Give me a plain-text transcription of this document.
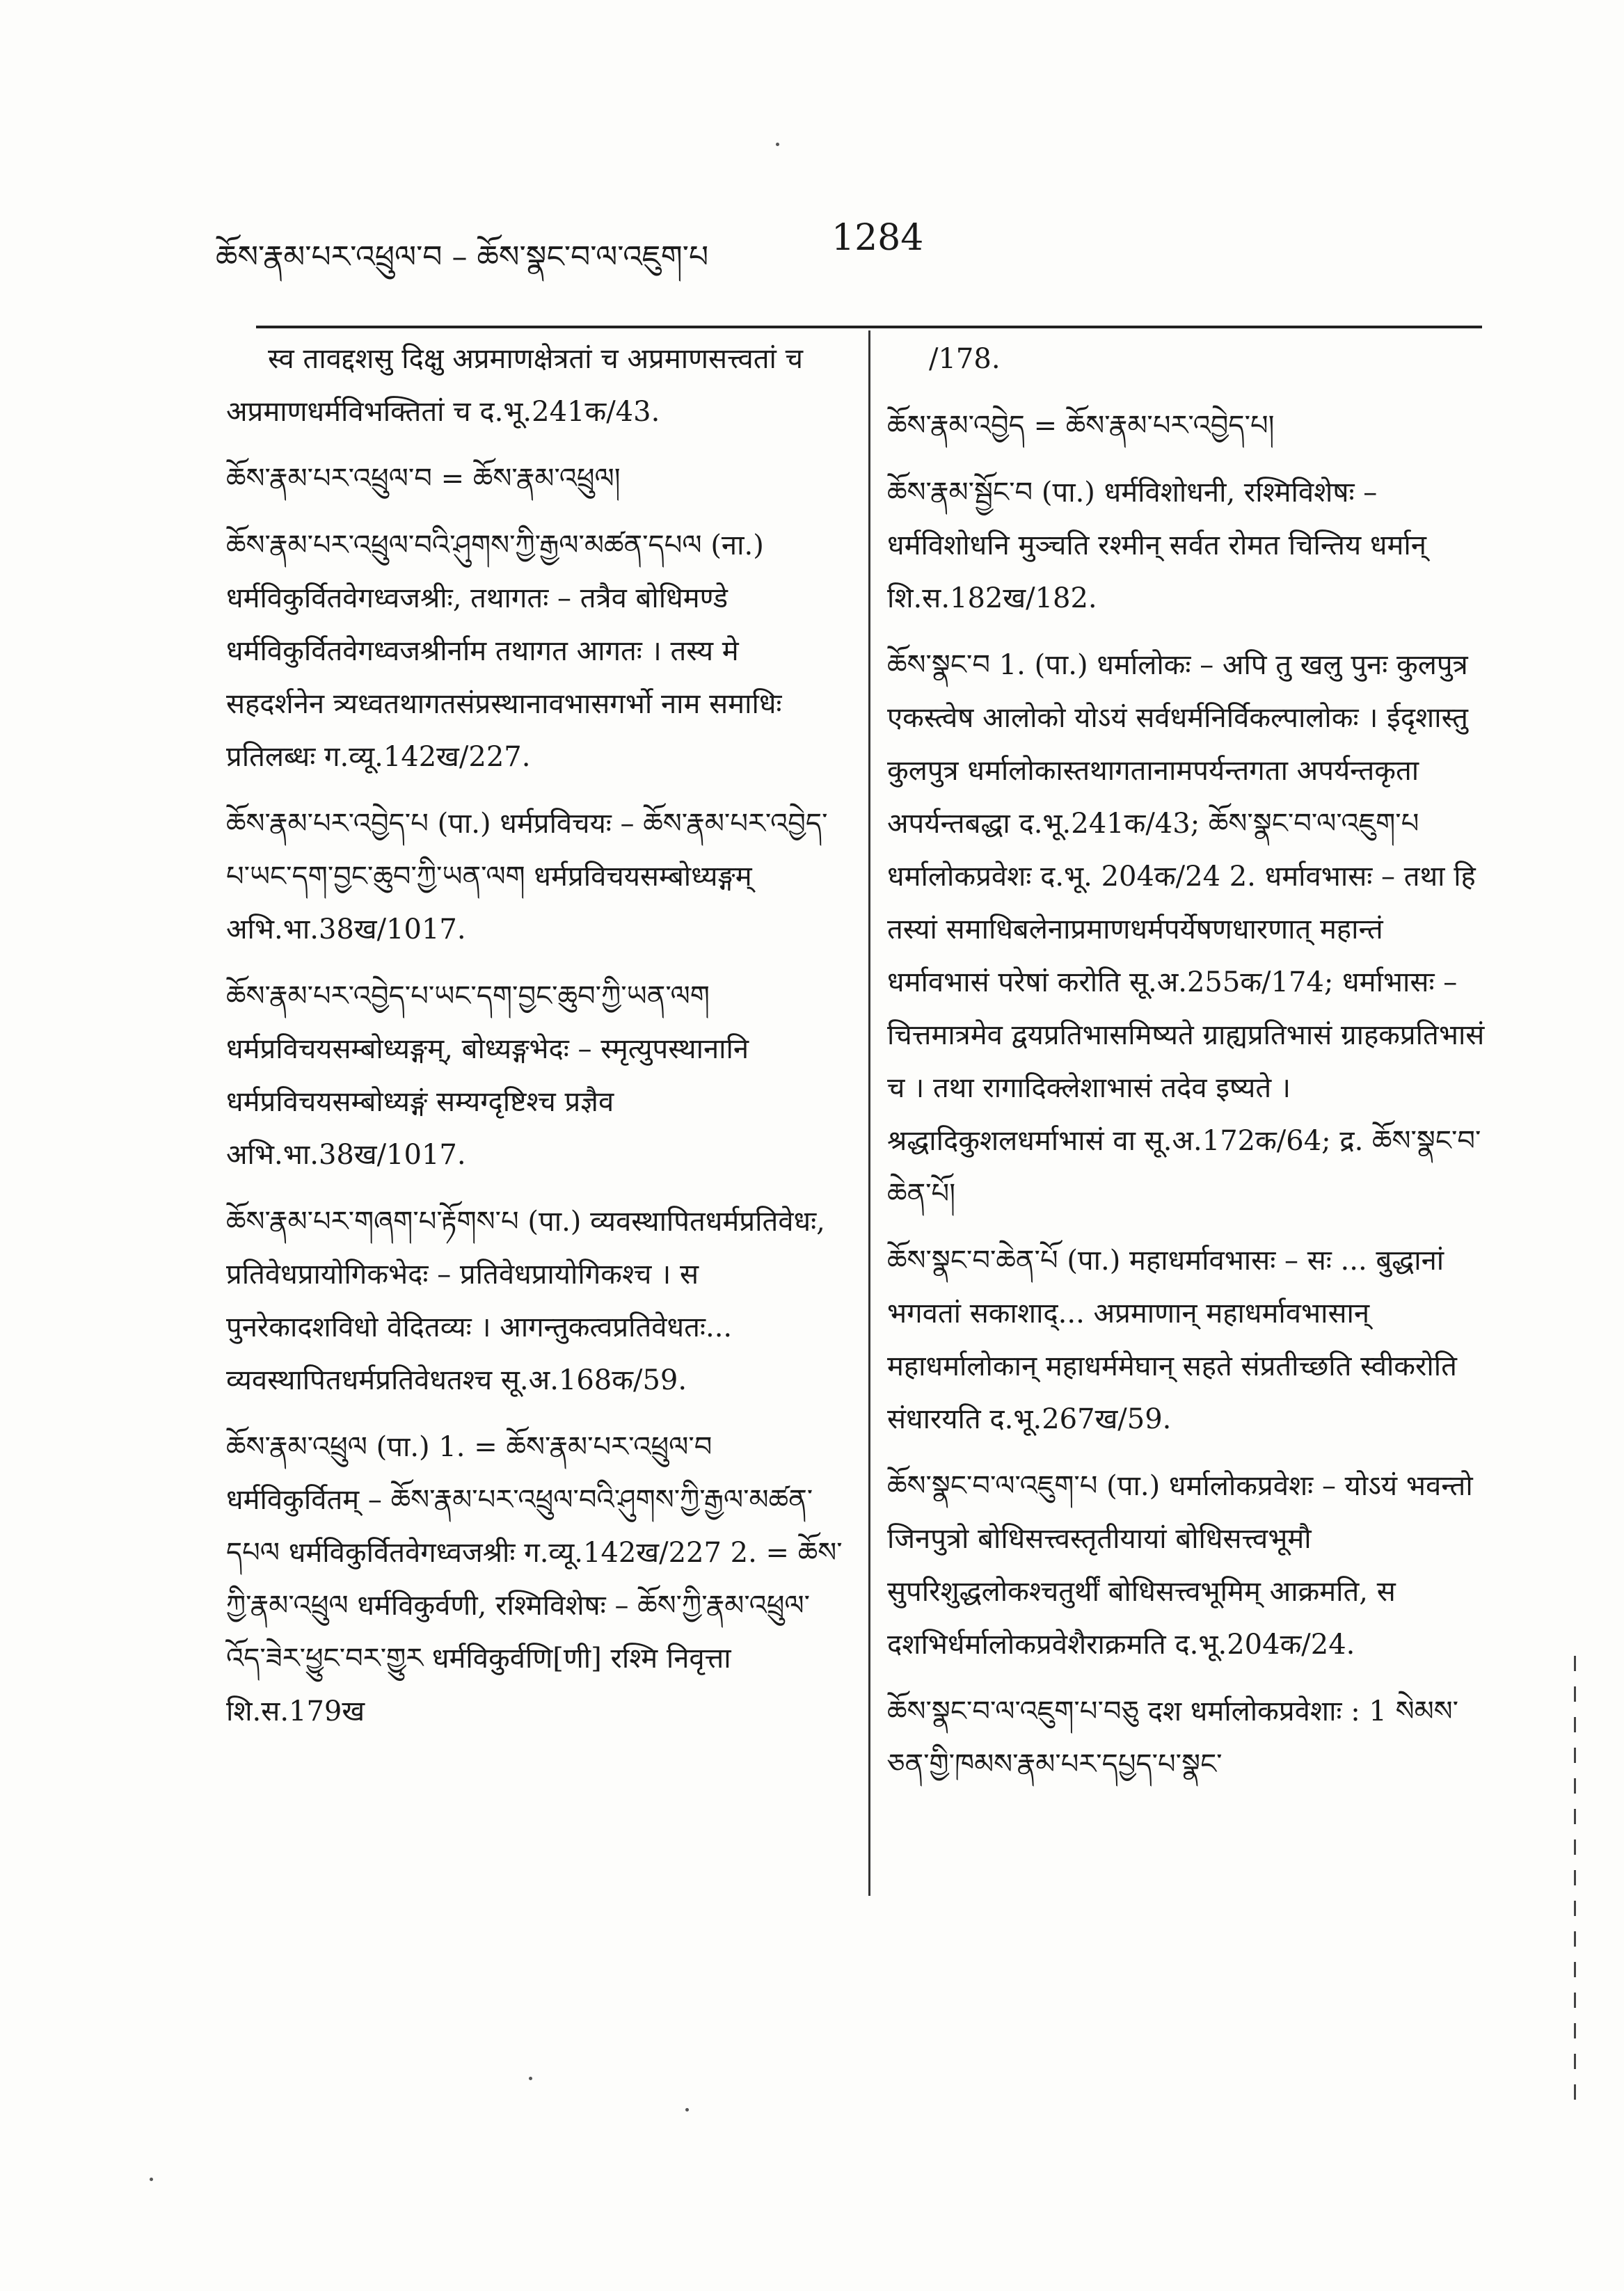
ཆོས་རྣམ་པར་འཕྲུལ་བ – ཆོས་སྣང་བ་ལ་འཇུག་པ	1284
स्व तावद्दशसु दिक्षु अप्रमाणक्षेत्रतां च अप्रमाणसत्त्वतां च अप्रमाणधर्मविभक्तितां च द.भू.241क/43.
ཆོས་རྣམ་པར་འཕྲུལ་བ = ཆོས་རྣམ་འཕྲུལ།
ཆོས་རྣམ་པར་འཕྲུལ་བའི་ཤུགས་ཀྱི་རྒྱལ་མཚན་དཔལ (ना.) धर्मविकुर्वितवेगध्वजश्रीः, तथागतः – तत्रैव बोधिमण्डे धर्मविकुर्वितवेगध्वजश्रीर्नाम तथागत आगतः । तस्य मे सहदर्शनेन त्र्यध्वतथागतसंप्रस्थानावभासगर्भो नाम समाधिः प्रतिलब्धः ग.व्यू.142ख/227.
ཆོས་རྣམ་པར་འབྱེད་པ (पा.) धर्मप्रविचयः – ཆོས་རྣམ་པར་འབྱེད་པ་ཡང་དག་བྱང་ཆུབ་ཀྱི་ཡན་ལག धर्मप्रविचयसम्बोध्यङ्गम् अभि.भा.38ख/1017.
ཆོས་རྣམ་པར་འབྱེད་པ་ཡང་དག་བྱང་ཆུབ་ཀྱི་ཡན་ལག धर्मप्रविचयसम्बोध्यङ्गम्, बोध्यङ्गभेदः – स्मृत्युपस्थानानि धर्मप्रविचयसम्बोध्यङ्गं सम्यग्दृष्टिश्च प्रज्ञैव अभि.भा.38ख/1017.
ཆོས་རྣམ་པར་གཞག་པ་རྟོགས་པ (पा.) व्यवस्थापितधर्मप्रतिवेधः, प्रतिवेधप्रायोगिकभेदः – प्रतिवेधप्रायोगिकश्च । स पुनरेकादशविधो वेदितव्यः । आगन्तुकत्वप्रतिवेधतः... व्यवस्थापितधर्मप्रतिवेधतश्च सू.अ.168क/59.
ཆོས་རྣམ་འཕྲུལ (पा.) 1. = ཆོས་རྣམ་པར་འཕྲུལ་བ धर्मविकुर्वितम् – ཆོས་རྣམ་པར་འཕྲུལ་བའི་ཤུགས་ཀྱི་རྒྱལ་མཚན་དཔལ धर्मविकुर्वितवेगध्वजश्रीः ग.व्यू.142ख/227 2. = ཆོས་ཀྱི་རྣམ་འཕྲུལ धर्मविकुर्वणी, रश्मिविशेषः – ཆོས་ཀྱི་རྣམ་འཕྲུལ་འོད་ཟེར་ཕྱུང་བར་གྱུར धर्मविकुर्वणि[णी] रश्मि निवृत्ता शि.स.179ख
/178.
ཆོས་རྣམ་འབྱེད = ཆོས་རྣམ་པར་འབྱེད་པ།
ཆོས་རྣམ་སྦྱོང་བ (पा.) धर्मविशोधनी, रश्मिविशेषः – धर्मविशोधनि मुञ्चति रश्मीन् सर्वत रोमत चिन्तिय धर्मान् शि.स.182ख/182.
ཆོས་སྣང་བ 1. (पा.) धर्मालोकः – अपि तु खलु पुनः कुलपुत्र एकस्त्वेष आलोको योऽयं सर्वधर्मनिर्विकल्पालोकः । ईदृशास्तु कुलपुत्र धर्मालोकास्तथागतानामपर्यन्तगता अपर्यन्तकृता अपर्यन्तबद्धा द.भू.241क/43; ཆོས་སྣང་བ་ལ་འཇུག་པ धर्मालोकप्रवेशः द.भू. 204क/24 2. धर्मावभासः – तथा हि तस्यां समाधिबलेनाप्रमाणधर्मपर्येषणधारणात् महान्तं धर्मावभासं परेषां करोति सू.अ.255क/174; धर्माभासः – चित्तमात्रमेव द्वयप्रतिभासमिष्यते ग्राह्यप्रतिभासं ग्राहकप्रतिभासं च । तथा रागादिक्लेशाभासं तदेव इष्यते । श्रद्धादिकुशलधर्माभासं वा सू.अ.172क/64; द्र. ཆོས་སྣང་བ་ཆེན་པོ།
ཆོས་སྣང་བ་ཆེན་པོ (पा.) महाधर्मावभासः – सः ... बुद्धानां भगवतां सकाशाद्... अप्रमाणान् महाधर्मावभासान् महाधर्मालोकान् महाधर्ममेघान् सहते संप्रतीच्छति स्वीकरोति संधारयति द.भू.267ख/59.
ཆོས་སྣང་བ་ལ་འཇུག་པ (पा.) धर्मालोकप्रवेशः – योऽयं भवन्तो जिनपुत्रो बोधिसत्त्वस्तृतीयायां बोधिसत्त्वभूमौ सुपरिशुद्धलोकश्चतुर्थीं बोधिसत्त्वभूमिम् आक्रमति, स दशभिर्धर्मालोकप्रवेशैराक्रमति द.भू.204क/24.
ཆོས་སྣང་བ་ལ་འཇུག་པ་བཅུ दश धर्मालोकप्रवेशाः : 1 སེམས་ཅན་གྱི་ཁམས་རྣམ་པར་དཔྱད་པ་སྣང་
